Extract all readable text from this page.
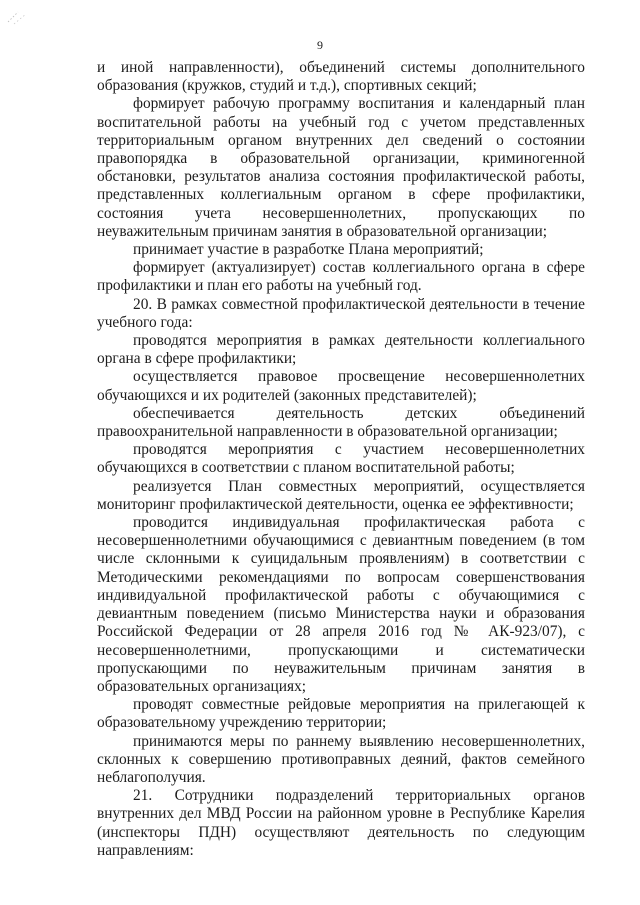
9

и иной направленности), объединений системы дополнительного образования (кружков, студий и т.д.), спортивных секций;

формирует рабочую программу воспитания и календарный план воспитательной работы на учебный год с учетом представленных территориальным органом внутренних дел сведений о состоянии правопорядка в образовательной организации, криминогенной обстановки, результатов анализа состояния профилактической работы, представленных коллегиальным органом в сфере профилактики, состояния учета несовершеннолетних, пропускающих по неуважительным причинам занятия в образовательной организации;

принимает участие в разработке Плана мероприятий;

формирует (актуализирует) состав коллегиального органа в сфере профилактики и план его работы на учебный год.

20. В рамках совместной профилактической деятельности в течение учебного года:

проводятся мероприятия в рамках деятельности коллегиального органа в сфере профилактики;

осуществляется правовое просвещение несовершеннолетних обучающихся и их родителей (законных представителей);

обеспечивается деятельность детских объединений правоохранительной направленности в образовательной организации;

проводятся мероприятия с участием несовершеннолетних обучающихся в соответствии с планом воспитательной работы;

реализуется План совместных мероприятий, осуществляется мониторинг профилактической деятельности, оценка ее эффективности;

проводится индивидуальная профилактическая работа с несовершеннолетними обучающимися с девиантным поведением (в том числе склонными к суицидальным проявлениям) в соответствии с Методическими рекомендациями по вопросам совершенствования индивидуальной профилактической работы с обучающимися с девиантным поведением (письмо Министерства науки и образования Российской Федерации от 28 апреля 2016 год № АК-923/07), с несовершеннолетними, пропускающими и систематически пропускающими по неуважительным причинам занятия в образовательных организациях;

проводят совместные рейдовые мероприятия на прилегающей к образовательному учреждению территории;

принимаются меры по раннему выявлению несовершеннолетних, склонных к совершению противоправных деяний, фактов семейного неблагополучия.

21. Сотрудники подразделений территориальных органов внутренних дел МВД России на районном уровне в Республике Карелия (инспекторы ПДН) осуществляют деятельность по следующим направлениям:
